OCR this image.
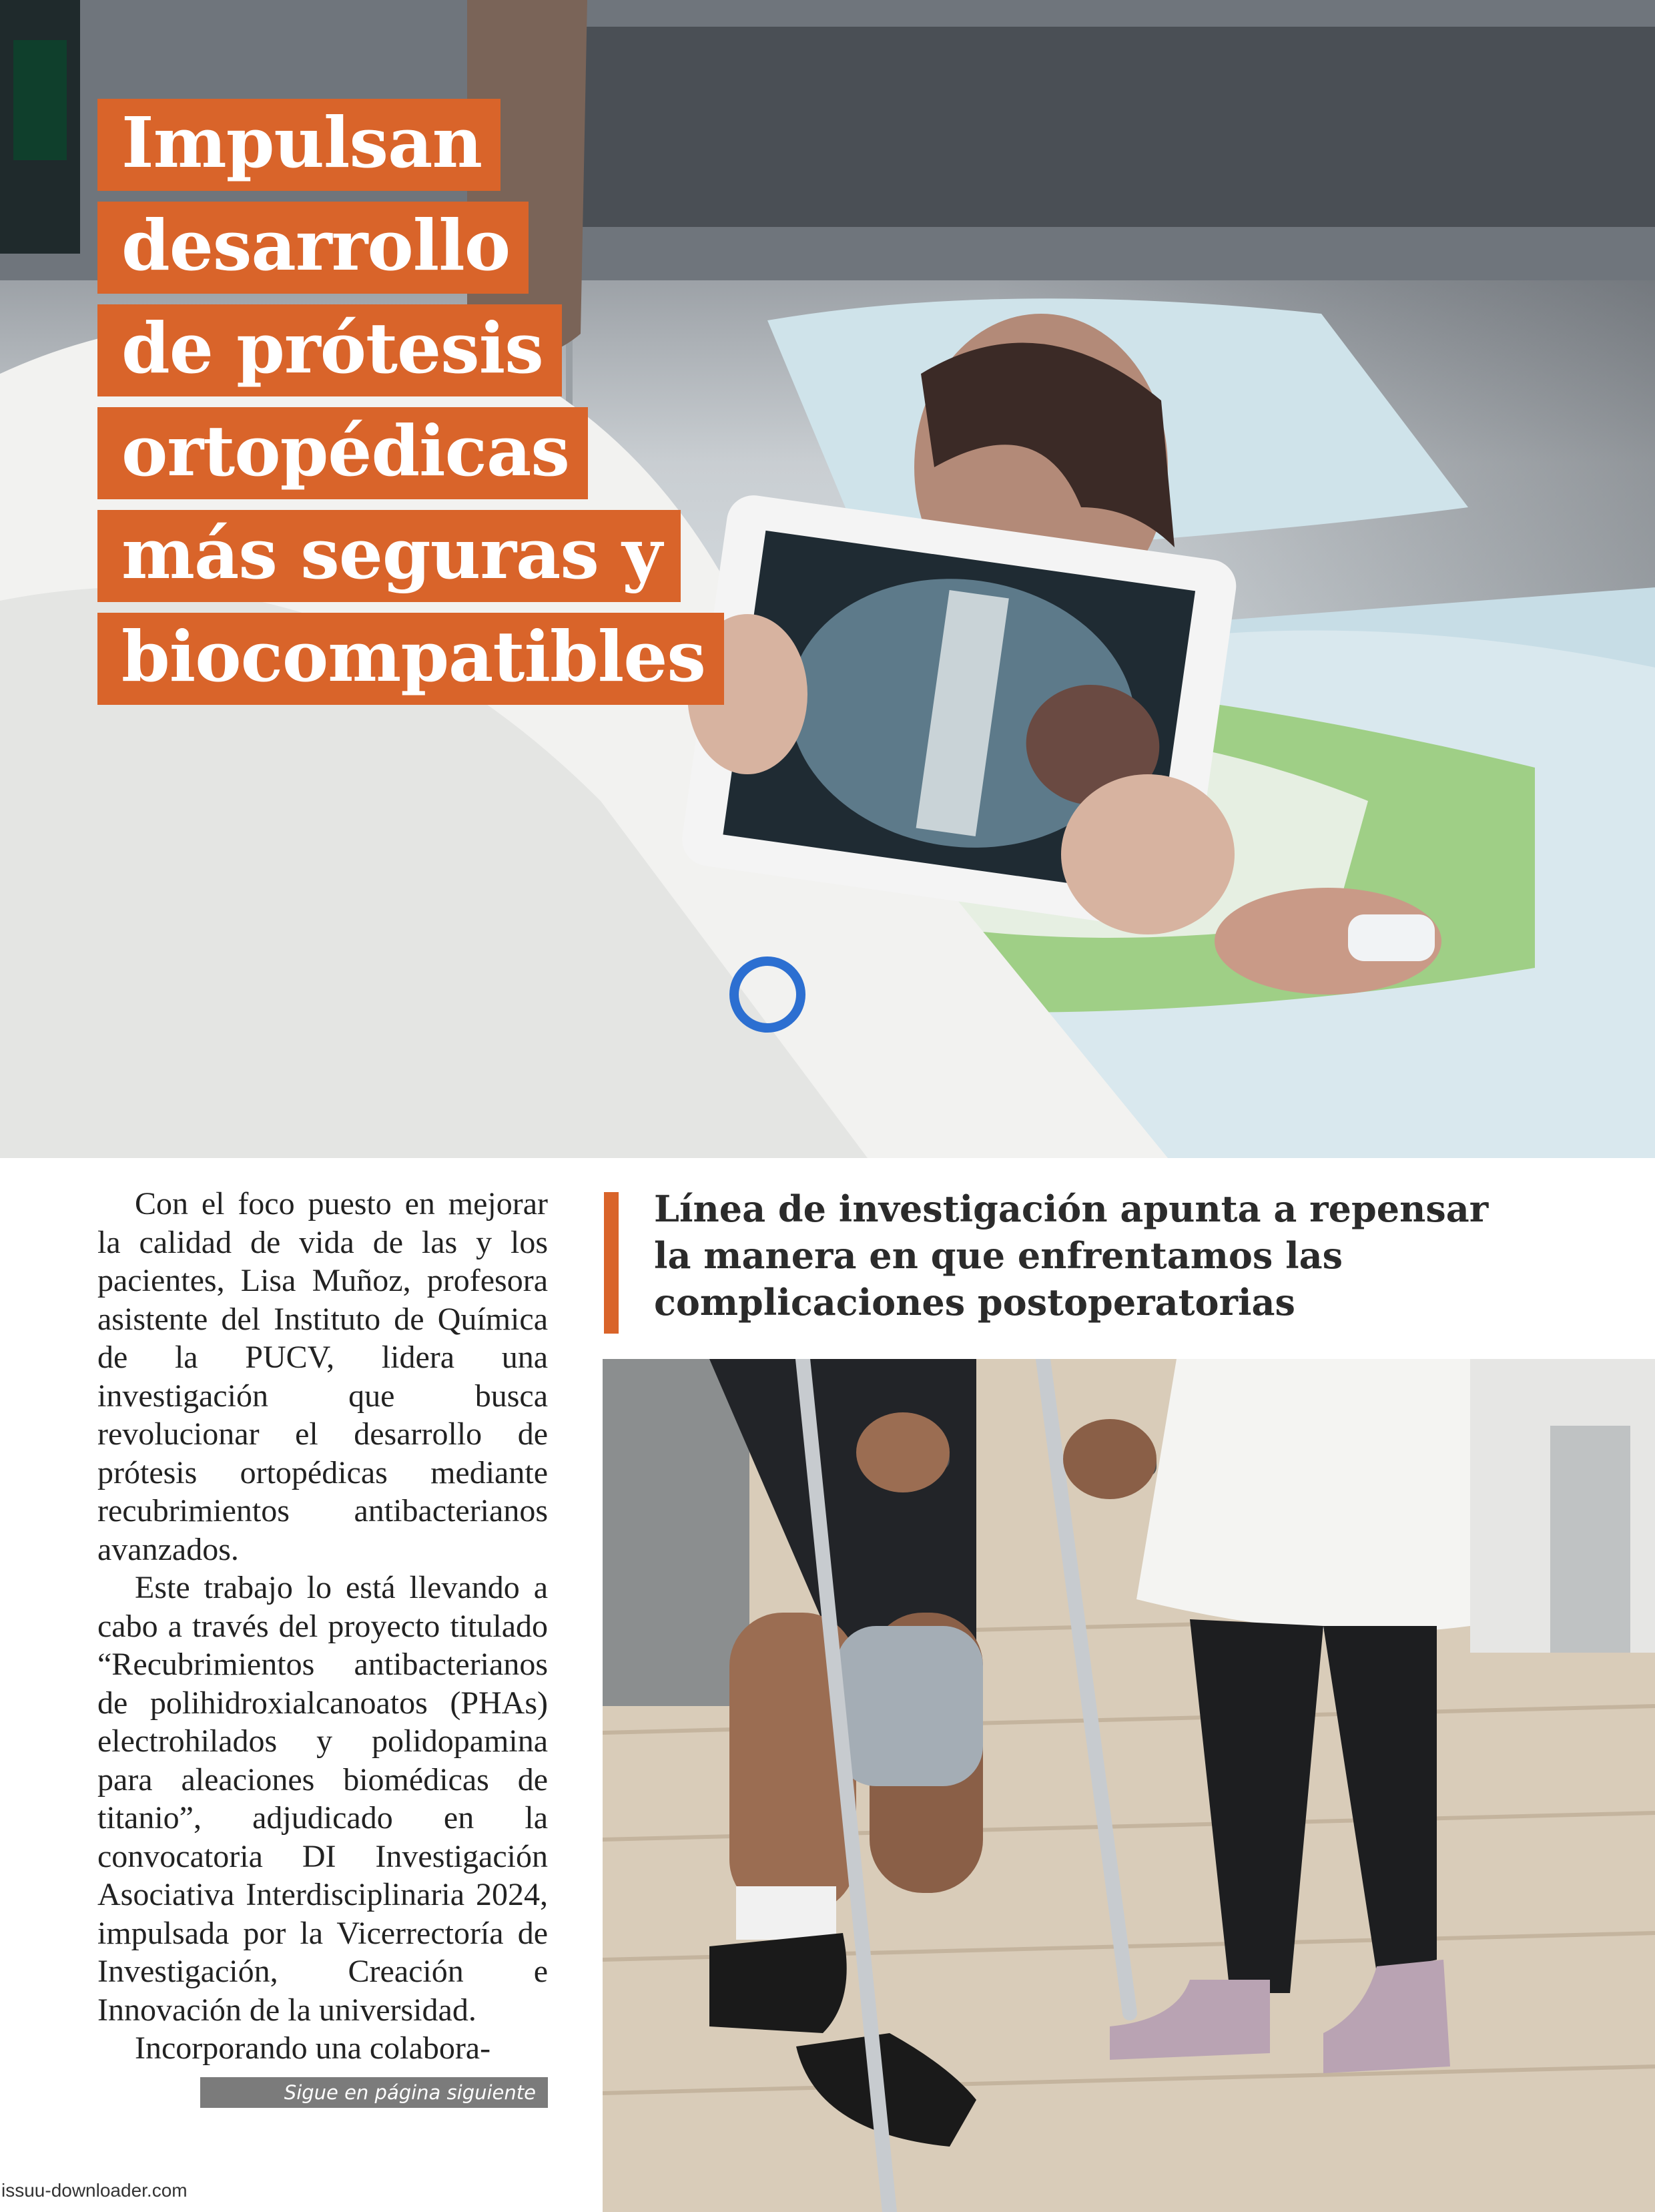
Impulsan
desarrollo
de prótesis
ortopédicas
más seguras y
biocompatibles

Con el foco puesto en mejorar la calidad de vida de las y los pacientes, Lisa Muñoz, profesora asistente del Instituto de Química de la PUCV, lidera una investigación que busca revolucionar el desarrollo de prótesis ortopédicas mediante recubrimientos antibacterianos avanzados.

Este trabajo lo está llevando a cabo a través del proyecto titulado “Recubrimientos antibacterianos de polihidroxialcanoatos (PHAs) electrohilados y polidopamina para aleaciones biomédicas de titanio”, adjudicado en la convocatoria DI Investigación Asociativa Interdisciplinaria 2024, impulsada por la Vicerrectoría de Investigación, Creación e Innovación de la universidad.

Incorporando una colabora-

Sigue en página siguiente
Línea de investigación apunta a repensar la manera en que enfrentamos las complicaciones postoperatorias
issuu-downloader.com
